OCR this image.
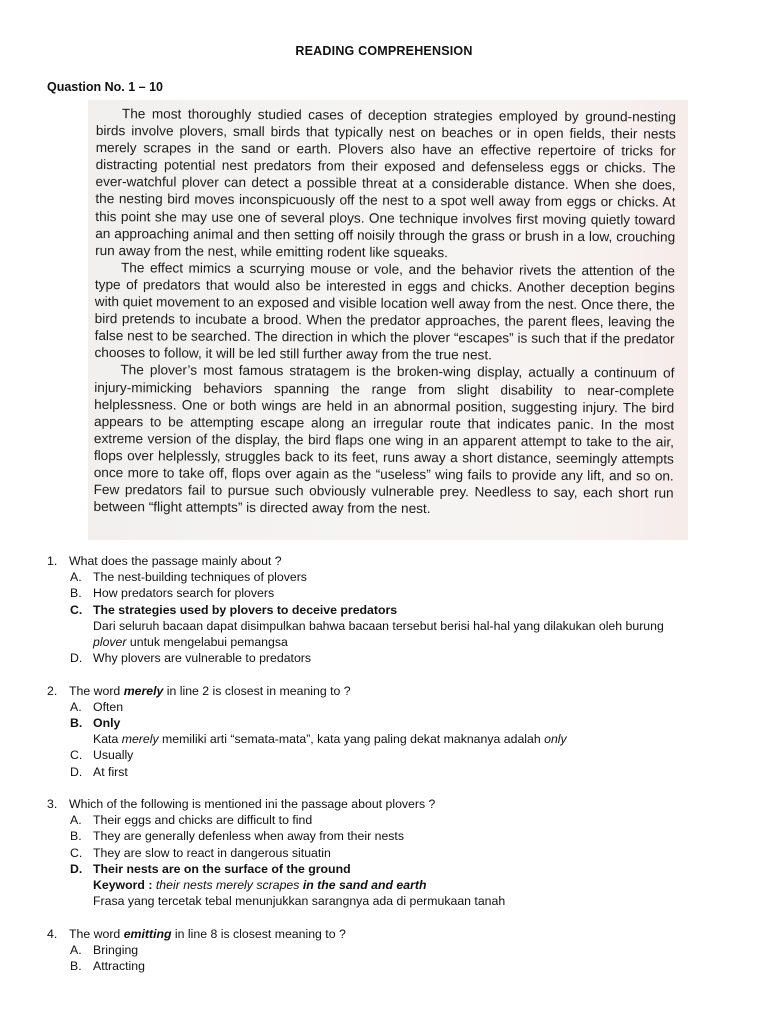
READING COMPREHENSION
Quastion No. 1 – 10

The most thoroughly studied cases of deception strategies employed by ground-nesting birds involve plovers, small birds that typically nest on beaches or in open fields, their nests merely scrapes in the sand or earth. Plovers also have an effective repertoire of tricks for distracting potential nest predators from their exposed and defenseless eggs or chicks. The ever-watchful plover can detect a possible threat at a considerable distance. When she does, the nesting bird moves inconspicuously off the nest to a spot well away from eggs or chicks. At this point she may use one of several ploys. One technique involves first moving quietly toward an approaching animal and then setting off noisily through the grass or brush in a low, crouching run away from the nest, while emitting rodent like squeaks.

The effect mimics a scurrying mouse or vole, and the behavior rivets the attention of the type of predators that would also be interested in eggs and chicks. Another deception begins with quiet movement to an exposed and visible location well away from the nest. Once there, the bird pretends to incubate a brood. When the predator approaches, the parent flees, leaving the false nest to be searched. The direction in which the plover “escapes” is such that if the predator chooses to follow, it will be led still further away from the true nest.

The plover’s most famous stratagem is the broken-wing display, actually a continuum of injury-mimicking behaviors spanning the range from slight disability to near-complete helplessness. One or both wings are held in an abnormal position, suggesting injury. The bird appears to be attempting escape along an irregular route that indicates panic. In the most extreme version of the display, the bird flaps one wing in an apparent attempt to take to the air, flops over helplessly, struggles back to its feet, runs away a short distance, seemingly attempts once more to take off, flops over again as the “useless” wing fails to provide any lift, and so on. Few predators fail to pursue such obviously vulnerable prey. Needless to say, each short run between “flight attempts” is directed away from the nest.

1. What does the passage mainly about ?
A. The nest-building techniques of plovers
B. How predators search for plovers
C. The strategies used by plovers to deceive predators
Dari seluruh bacaan dapat disimpulkan bahwa bacaan tersebut berisi hal-hal yang dilakukan oleh burung
plover untuk mengelabui pemangsa
D. Why plovers are vulnerable to predators
2. The word merely in line 2 is closest in meaning to ?
A. Often
B. Only
Kata merely memiliki arti “semata-mata”, kata yang paling dekat maknanya adalah only
C. Usually
D. At first
3. Which of the following is mentioned ini the passage about plovers ?
A. Their eggs and chicks are difficult to find
B. They are generally defenless when away from their nests
C. They are slow to react in dangerous situatin
D. Their nests are on the surface of the ground
Keyword : their nests merely scrapes in the sand and earth
Frasa yang tercetak tebal menunjukkan sarangnya ada di permukaan tanah
4. The word emitting in line 8 is closest meaning to ?
A. Bringing
B. Attracting
